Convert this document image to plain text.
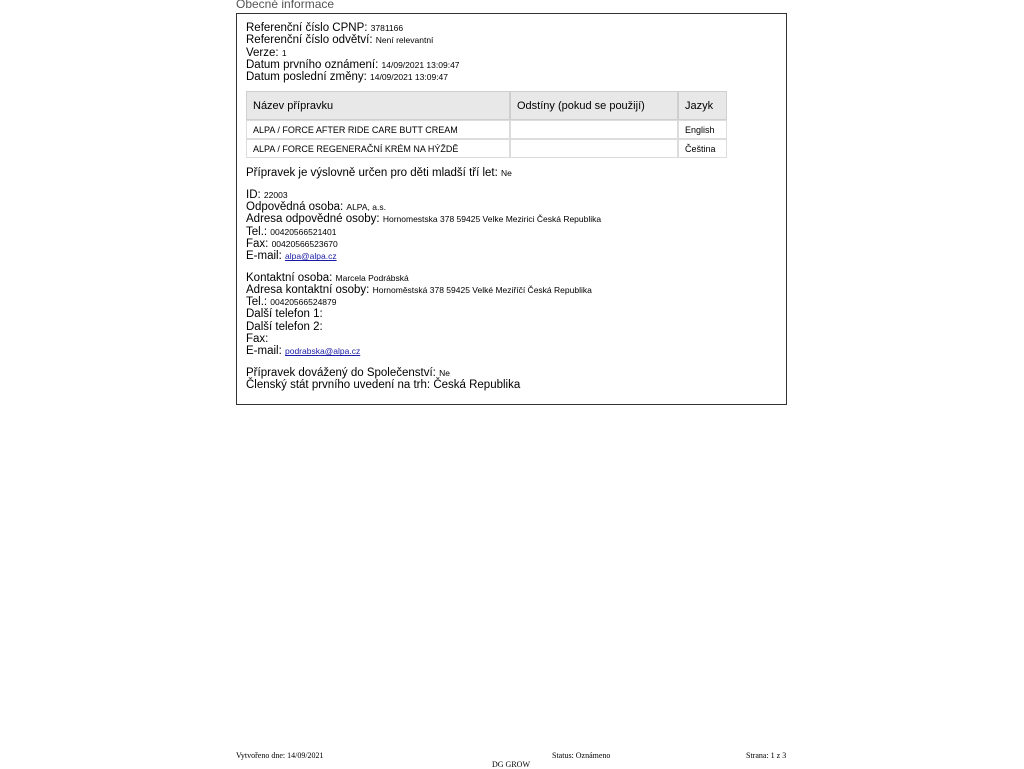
Obecné informace
Referenční číslo CPNP: 3781166
Referenční číslo odvětví: Není relevantní
Verze: 1
Datum prvního oznámení: 14/09/2021 13:09:47
Datum poslední změny: 14/09/2021 13:09:47
Název přípravku	Odstíny (pokud se použijí)	Jazyk
ALPA / FORCE AFTER RIDE CARE BUTT CREAM		English
ALPA / FORCE REGENERAČNÍ KRÉM NA HÝŽDĚ		Čeština
Přípravek je výslovně určen pro děti mladší tří let: Ne
ID: 22003
Odpovědná osoba: ALPA, a.s.
Adresa odpovědné osoby: Hornomestska 378 59425 Velke Mezirici Česká Republika
Tel.: 00420566521401
Fax: 00420566523670
E-mail: alpa@alpa.cz
Kontaktní osoba: Marcela Podrábská
Adresa kontaktní osoby: Hornoměstská 378 59425 Velké Meziříčí Česká Republika
Tel.: 00420566524879
Další telefon 1:
Další telefon 2:
Fax:
E-mail: podrabska@alpa.cz
Přípravek dovážený do Společenství: Ne
Členský stát prvního uvedení na trh: Česká Republika
Vytvořeno dne: 14/09/2021	Status: Oznámeno	Strana: 1 z 3
DG GROW
